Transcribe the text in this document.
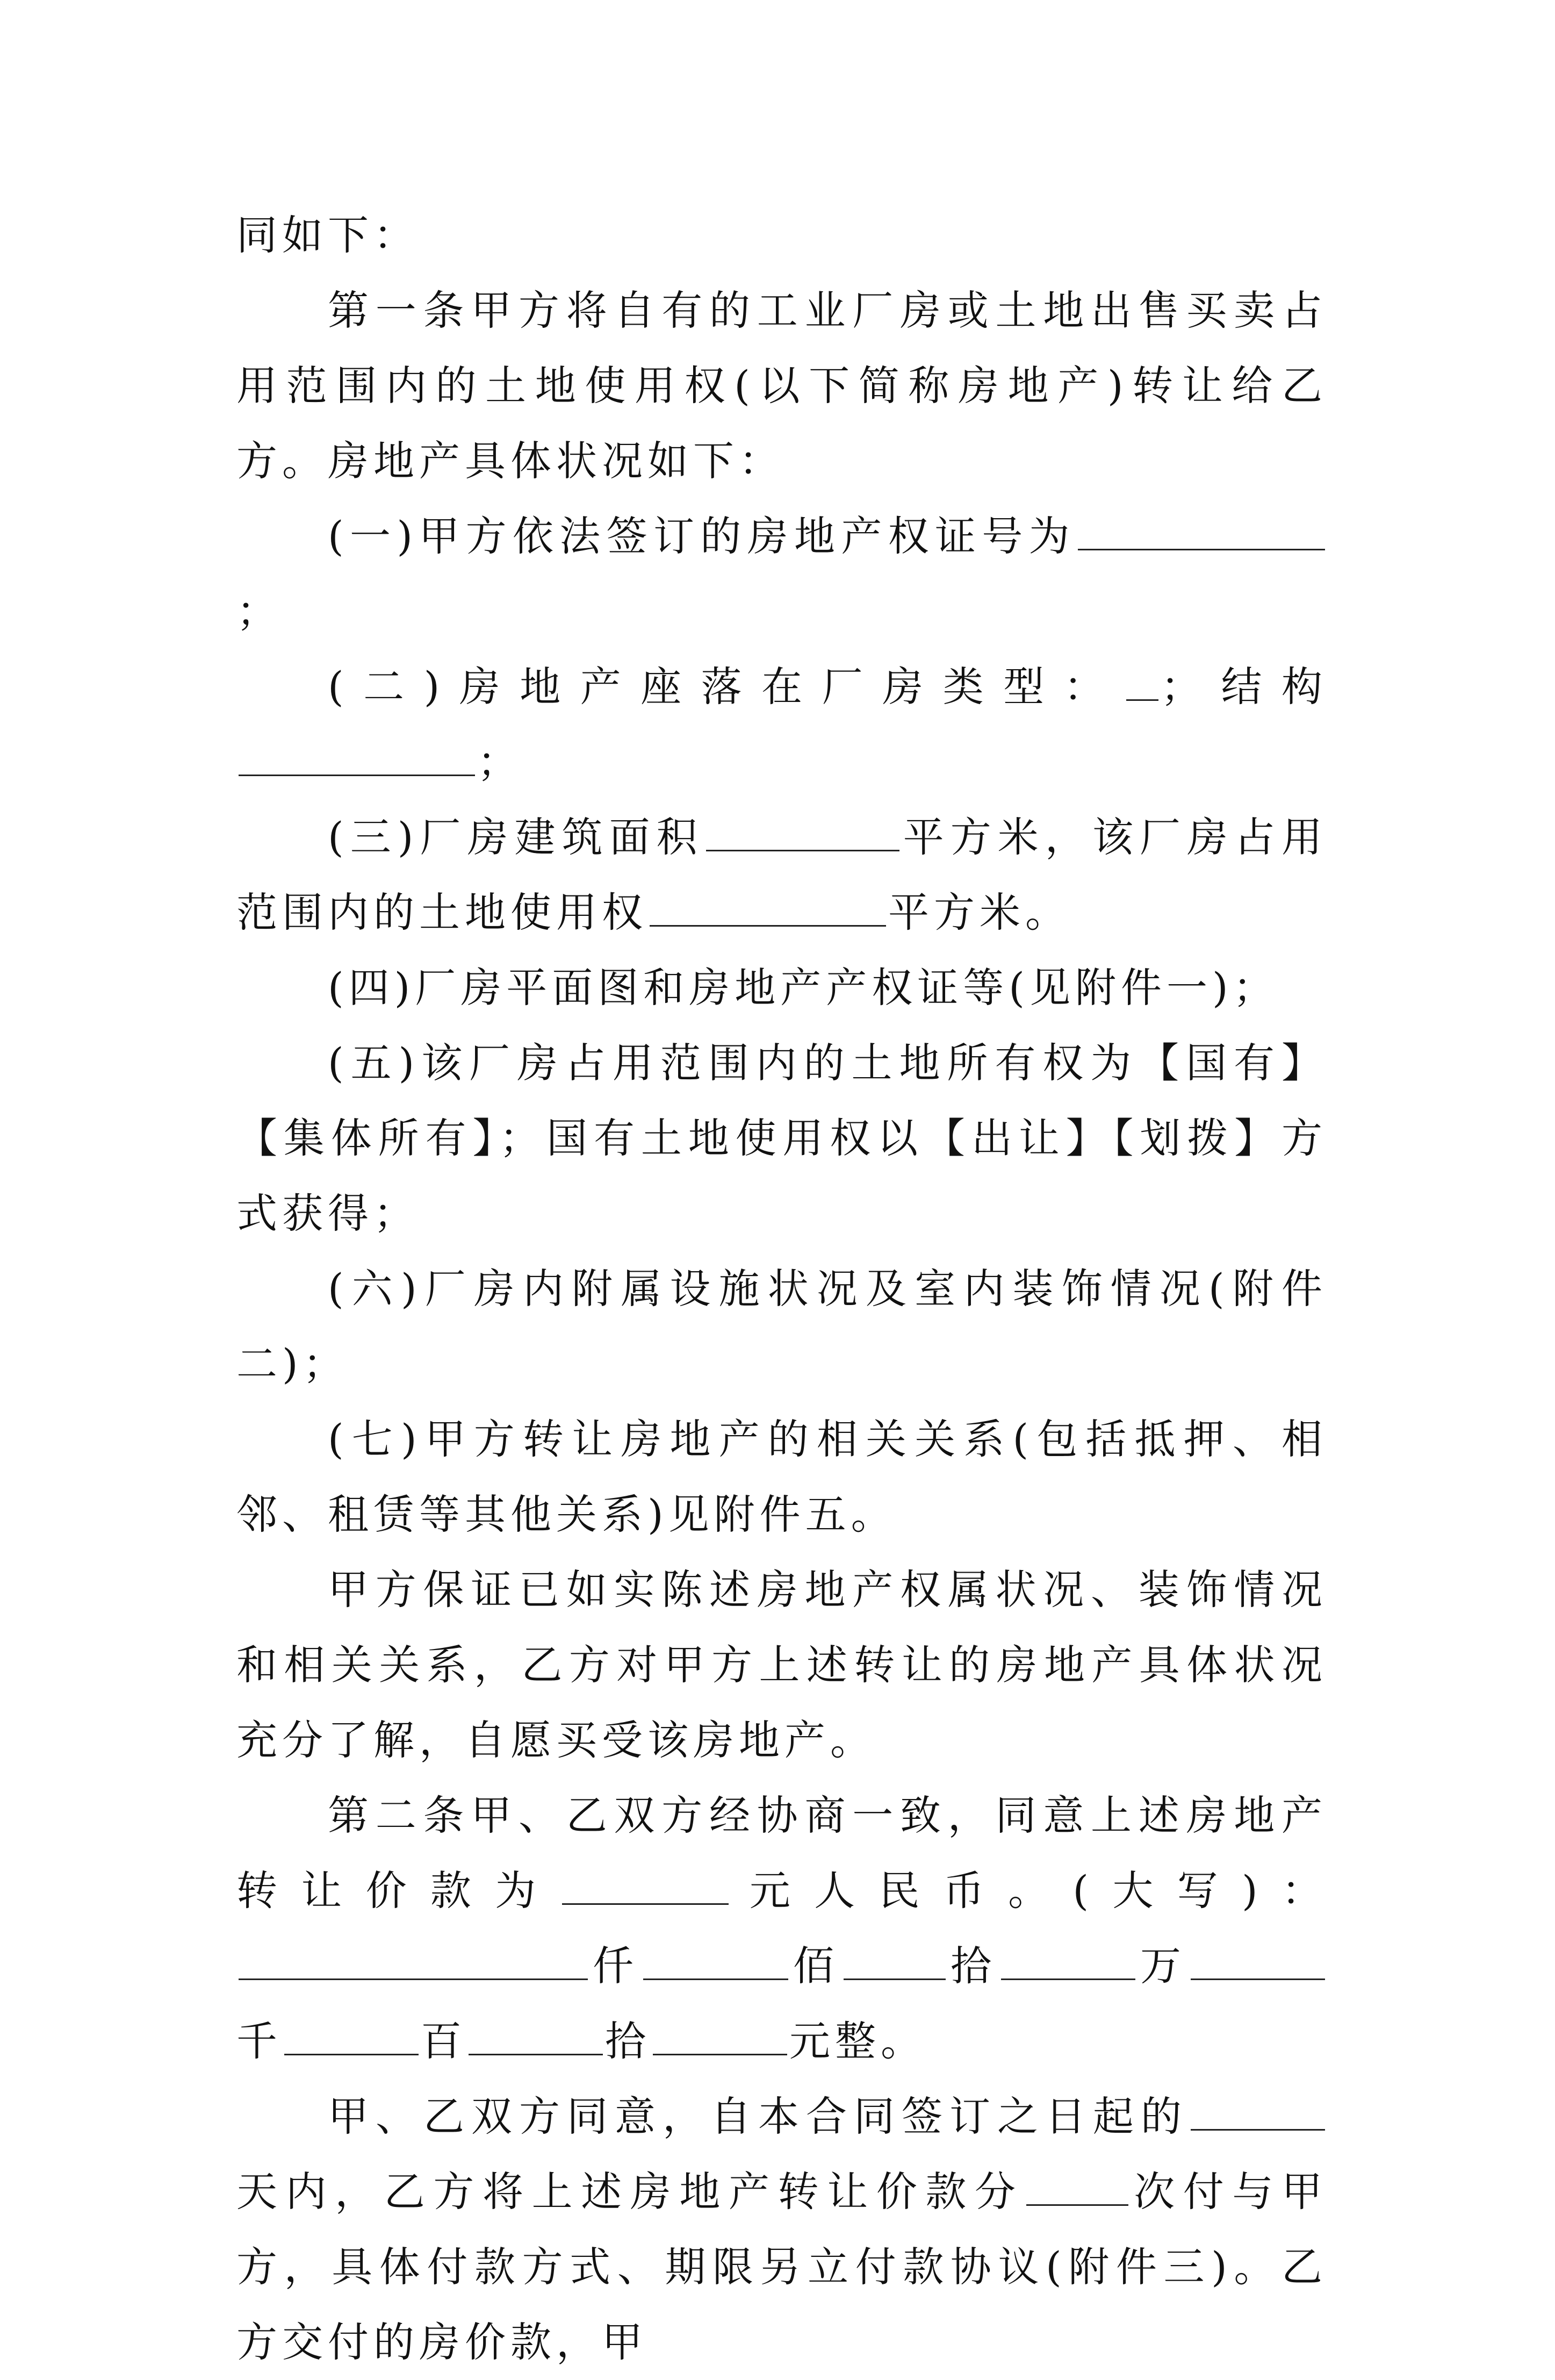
同如下：

第一条甲方将自有的工业厂房或土地出售买卖占用范围内的土地使用权(以下简称房地产)转让给乙方。房地产具体状况如下：

(一)甲方依法签订的房地产权证号为；

(二)房地产座落在厂房类型： ；结构；

(三)厂房建筑面积	平方米，该厂房占用范围内的土地使用权	平方米。

(四)厂房平面图和房地产产权证等(见附件一)；

(五)该厂房占用范围内的土地所有权为【国有】【集体所有】；国有土地使用权以【出让】【划拨】方式获得；

(六)厂房内附属设施状况及室内装饰情况(附件二)；

(七)甲方转让房地产的相关关系(包括抵押、相邻、租赁等其他关系)见附件五。

甲方保证已如实陈述房地产权属状况、装饰情况和相关关系，乙方对甲方上述转让的房地产具体状况充分了解，自愿买受该房地产。

第二条甲、乙双方经协商一致，同意上述房地产转让价款为	元人民币。(大写)：仟	佰	拾	万千	百	拾	元整。

甲、乙双方同意，自本合同签订之日起的天内，乙方将上述房地产转让价款分	次付与甲方，具体付款方式、期限另立付款协议(附件三)。乙方交付的房价款，甲
